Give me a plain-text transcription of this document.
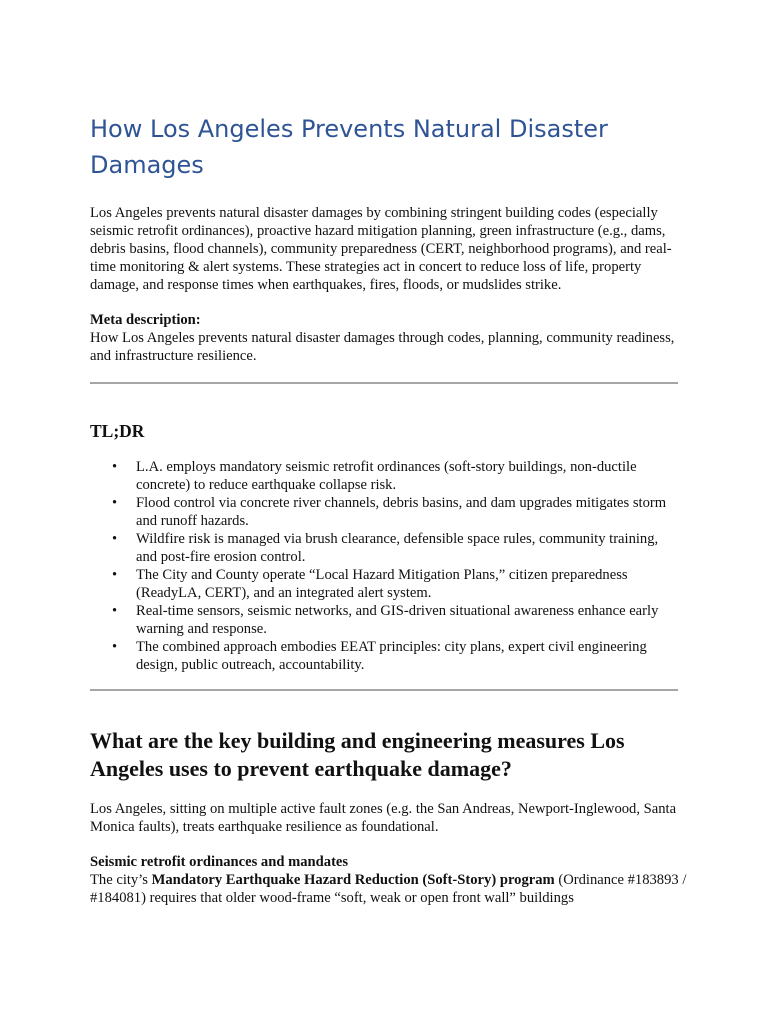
How Los Angeles Prevents Natural Disaster Damages

Los Angeles prevents natural disaster damages by combining stringent building codes (especially seismic retrofit ordinances), proactive hazard mitigation planning, green infrastructure (e.g., dams, debris basins, flood channels), community preparedness (CERT, neighborhood programs), and real-time monitoring & alert systems. These strategies act in concert to reduce loss of life, property damage, and response times when earthquakes, fires, floods, or mudslides strike.

Meta description:

How Los Angeles prevents natural disaster damages through codes, planning, community readiness, and infrastructure resilience.

TL;DR
• L.A. employs mandatory seismic retrofit ordinances (soft-story buildings, non-ductile concrete) to reduce earthquake collapse risk.
• Flood control via concrete river channels, debris basins, and dam upgrades mitigates storm and runoff hazards.
• Wildfire risk is managed via brush clearance, defensible space rules, community training, and post-fire erosion control.
• The City and County operate “Local Hazard Mitigation Plans,” citizen preparedness (ReadyLA, CERT), and an integrated alert system.
• Real-time sensors, seismic networks, and GIS-driven situational awareness enhance early warning and response.
• The combined approach embodies EEAT principles: city plans, expert civil engineering design, public outreach, accountability.
What are the key building and engineering measures Los Angeles uses to prevent earthquake damage?

Los Angeles, sitting on multiple active fault zones (e.g. the San Andreas, Newport-Inglewood, Santa Monica faults), treats earthquake resilience as foundational.

Seismic retrofit ordinances and mandates

The city’s Mandatory Earthquake Hazard Reduction (Soft-Story) program (Ordinance #183893 / #184081) requires that older wood-frame “soft, weak or open front wall” buildings
